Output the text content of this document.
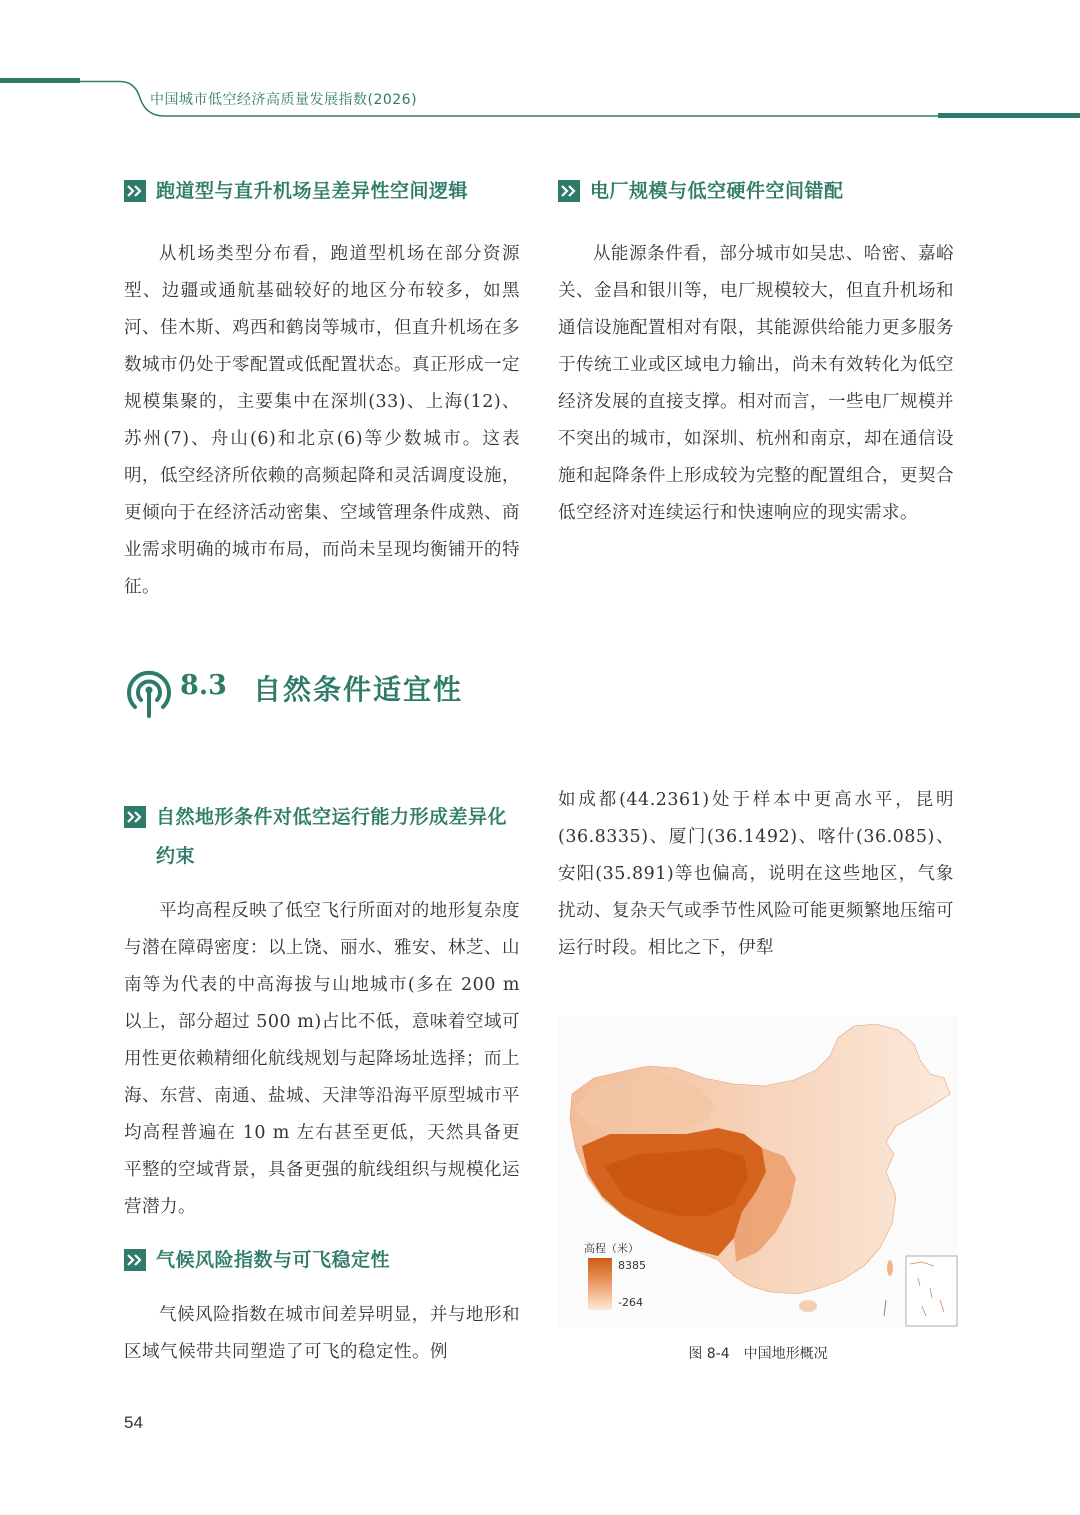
中国城市低空经济高质量发展指数(2026)
跑道型与直升机场呈差异性空间逻辑

从机场类型分布看，跑道型机场在部分资源型、边疆或通航基础较好的地区分布较多，如黑河、佳木斯、鸡西和鹤岗等城市，但直升机场在多数城市仍处于零配置或低配置状态。真正形成一定规模集聚的，主要集中在深圳(33)、上海(12)、苏州(7)、舟山(6)和北京(6)等少数城市。这表明，低空经济所依赖的高频起降和灵活调度设施，更倾向于在经济活动密集、空域管理条件成熟、商业需求明确的城市布局，而尚未呈现均衡铺开的特征。

电厂规模与低空硬件空间错配

从能源条件看，部分城市如吴忠、哈密、嘉峪关、金昌和银川等，电厂规模较大，但直升机场和通信设施配置相对有限，其能源供给能力更多服务于传统工业或区域电力输出，尚未有效转化为低空经济发展的直接支撑。相对而言，一些电厂规模并不突出的城市，如深圳、杭州和南京，却在通信设施和起降条件上形成较为完整的配置组合，更契合低空经济对连续运行和快速响应的现实需求。

8.3 自然条件适宜性
自然地形条件对低空运行能力形成差异化约束

平均高程反映了低空飞行所面对的地形复杂度与潜在障碍密度：以上饶、丽水、雅安、林芝、山南等为代表的中高海拔与山地城市(多在 200 m 以上，部分超过 500 m)占比不低，意味着空域可用性更依赖精细化航线规划与起降场址选择；而上海、东营、南通、盐城、天津等沿海平原型城市平均高程普遍在 10 m 左右甚至更低，天然具备更平整的空域背景，具备更强的航线组织与规模化运营潜力。

气候风险指数与可飞稳定性

气候风险指数在城市间差异明显，并与地形和区域气候带共同塑造了可飞的稳定性。例

如成都(44.2361)处于样本中更高水平，昆明(36.8335)、厦门(36.1492)、喀什(36.085)、安阳(35.891)等也偏高，说明在这些地区，气象扰动、复杂天气或季节性风险可能更频繁地压缩可运行时段。相比之下，伊犁

高程（米）
8385
-264
图 8-4　中国地形概况
54
